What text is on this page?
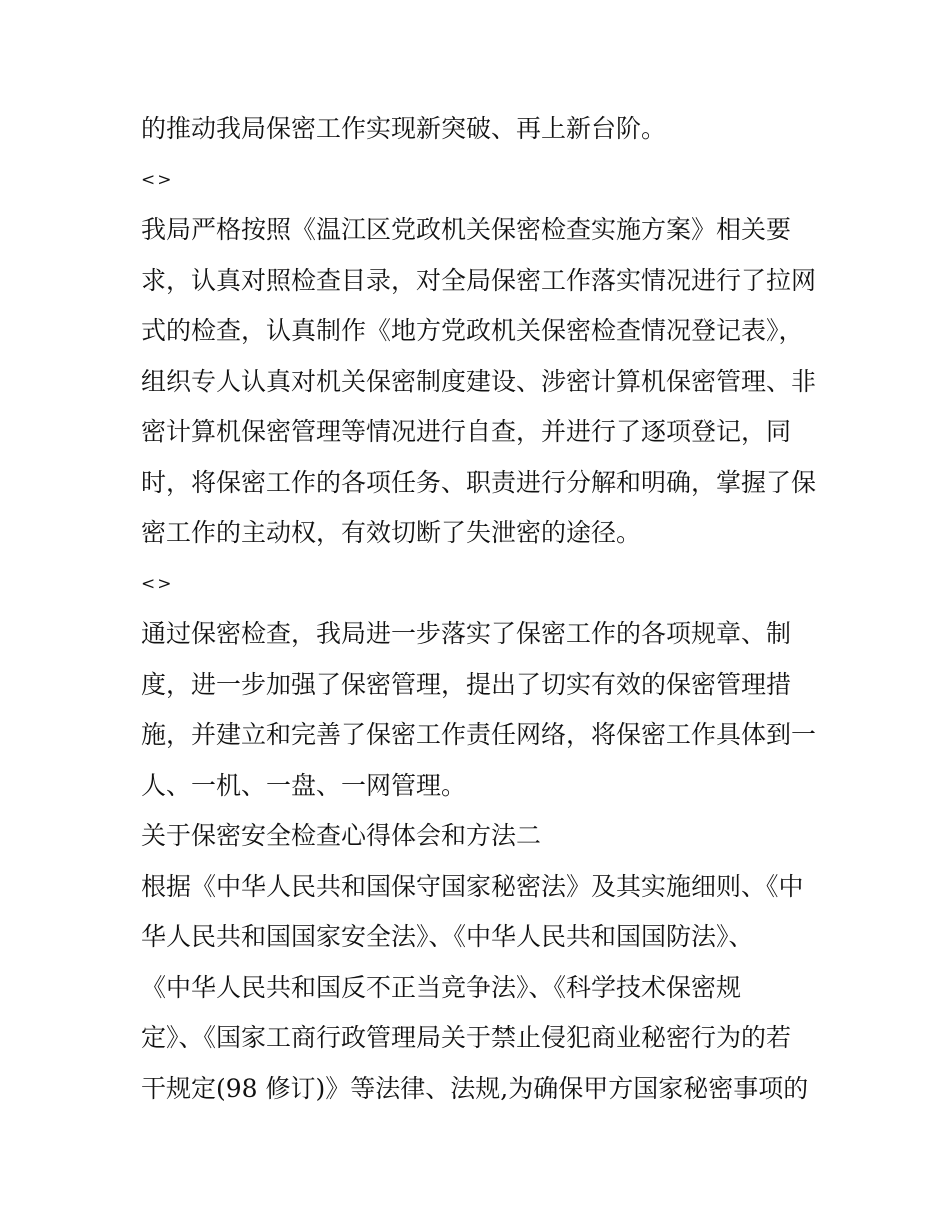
的推动我局保密工作实现新突破、再上新台阶。
<>
我局严格按照《温江区党政机关保密检查实施方案》相关要
求，认真对照检查目录，对全局保密工作落实情况进行了拉网
式的检查，认真制作《地方党政机关保密检查情况登记表》，
组织专人认真对机关保密制度建设、涉密计算机保密管理、非
密计算机保密管理等情况进行自查，并进行了逐项登记，同
时，将保密工作的各项任务、职责进行分解和明确，掌握了保
密工作的主动权，有效切断了失泄密的途径。
<>
通过保密检查，我局进一步落实了保密工作的各项规章、制
度，进一步加强了保密管理，提出了切实有效的保密管理措
施，并建立和完善了保密工作责任网络，将保密工作具体到一
人、一机、一盘、一网管理。
关于保密安全检查心得体会和方法二
根据《中华人民共和国保守国家秘密法》及其实施细则、《中
华人民共和国国家安全法》、《中华人民共和国国防法》、
《中华人民共和国反不正当竞争法》、《科学技术保密规
定》、《国家工商行政管理局关于禁止侵犯商业秘密行为的若
干规定(98 修订)》等法律、法规,为确保甲方国家秘密事项的
